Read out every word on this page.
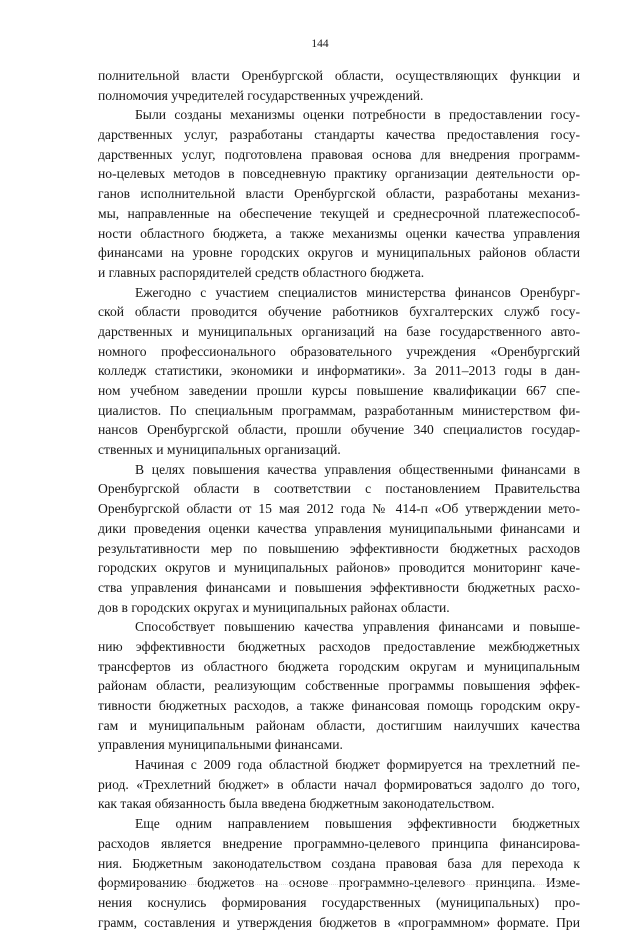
144
полнительной власти Оренбургской области, осуществляющих функции и
полномочия учредителей государственных учреждений.
Были созданы механизмы оценки потребности в предоставлении госу-
дарственных услуг, разработаны стандарты качества предоставления госу-
дарственных услуг, подготовлена правовая основа для внедрения программ-
но-целевых методов в повседневную практику организации деятельности ор-
ганов исполнительной власти Оренбургской области, разработаны механиз-
мы, направленные на обеспечение текущей и среднесрочной платежеспособ-
ности областного бюджета, а также механизмы оценки качества управления
финансами на уровне городских округов и муниципальных районов области
и главных распорядителей средств областного бюджета.
Ежегодно с участием специалистов министерства финансов Оренбург-
ской области проводится обучение работников бухгалтерских служб госу-
дарственных и муниципальных организаций на базе государственного авто-
номного профессионального образовательного учреждения «Оренбургский
колледж статистики, экономики и информатики». За 2011–2013 годы в дан-
ном учебном заведении прошли курсы повышение квалификации 667 спе-
циалистов. По специальным программам, разработанным министерством фи-
нансов Оренбургской области, прошли обучение 340 специалистов государ-
ственных и муниципальных организаций.
В целях повышения качества управления общественными финансами в
Оренбургской области в соответствии с постановлением Правительства
Оренбургской области от 15 мая 2012 года № 414-п «Об утверждении мето-
дики проведения оценки качества управления муниципальными финансами и
результативности мер по повышению эффективности бюджетных расходов
городских округов и муниципальных районов» проводится мониторинг каче-
ства управления финансами и повышения эффективности бюджетных расхо-
дов в городских округах и муниципальных районах области.
Способствует повышению качества управления финансами и повыше-
нию эффективности бюджетных расходов предоставление межбюджетных
трансфертов из областного бюджета городским округам и муниципальным
районам области, реализующим собственные программы повышения эффек-
тивности бюджетных расходов, а также финансовая помощь городским окру-
гам и муниципальным районам области, достигшим наилучших качества
управления муниципальными финансами.
Начиная с 2009 года областной бюджет формируется на трехлетний пе-
риод. «Трехлетний бюджет» в области начал формироваться задолго до того,
как такая обязанность была введена бюджетным законодательством.
Еще одним направлением повышения эффективности бюджетных
расходов является внедрение программно-целевого принципа финансирова-
ния. Бюджетным законодательством создана правовая база для перехода к
формированию бюджетов на основе программно-целевого принципа. Изме-
нения коснулись формирования государственных (муниципальных) про-
грамм, составления и утверждения бюджетов в «программном» формате. При
